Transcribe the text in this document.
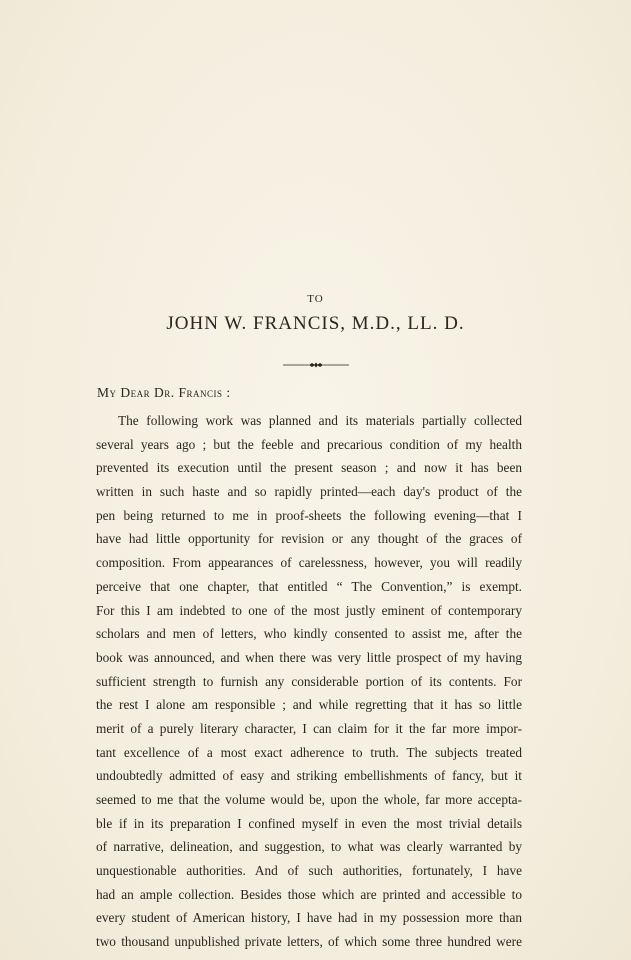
TO
JOHN W. FRANCIS, M.D., LL. D.
My Dear Dr. Francis :
The following work was planned and its materials partially collected
several years ago ; but the feeble and precarious condition of my health
prevented its execution until the present season ; and now it has been
written in such haste and so rapidly printed—each day's product of the
pen being returned to me in proof-sheets the following evening—that I
have had little opportunity for revision or any thought of the graces of
composition. From appearances of carelessness, however, you will readily
perceive that one chapter, that entitled “ The Convention,” is exempt.
For this I am indebted to one of the most justly eminent of contemporary
scholars and men of letters, who kindly consented to assist me, after the
book was announced, and when there was very little prospect of my having
sufficient strength to furnish any considerable portion of its contents. For
the rest I alone am responsible ; and while regretting that it has so little
merit of a purely literary character, I can claim for it the far more impor-
tant excellence of a most exact adherence to truth. The subjects treated
undoubtedly admitted of easy and striking embellishments of fancy, but it
seemed to me that the volume would be, upon the whole, far more accepta-
ble if in its preparation I confined myself in even the most trivial details
of narrative, delineation, and suggestion, to what was clearly warranted by
unquestionable authorities. And of such authorities, fortunately, I have
had an ample collection. Besides those which are printed and accessible to
every student of American history, I have had in my possession more than
two thousand unpublished private letters, of which some three hundred were
